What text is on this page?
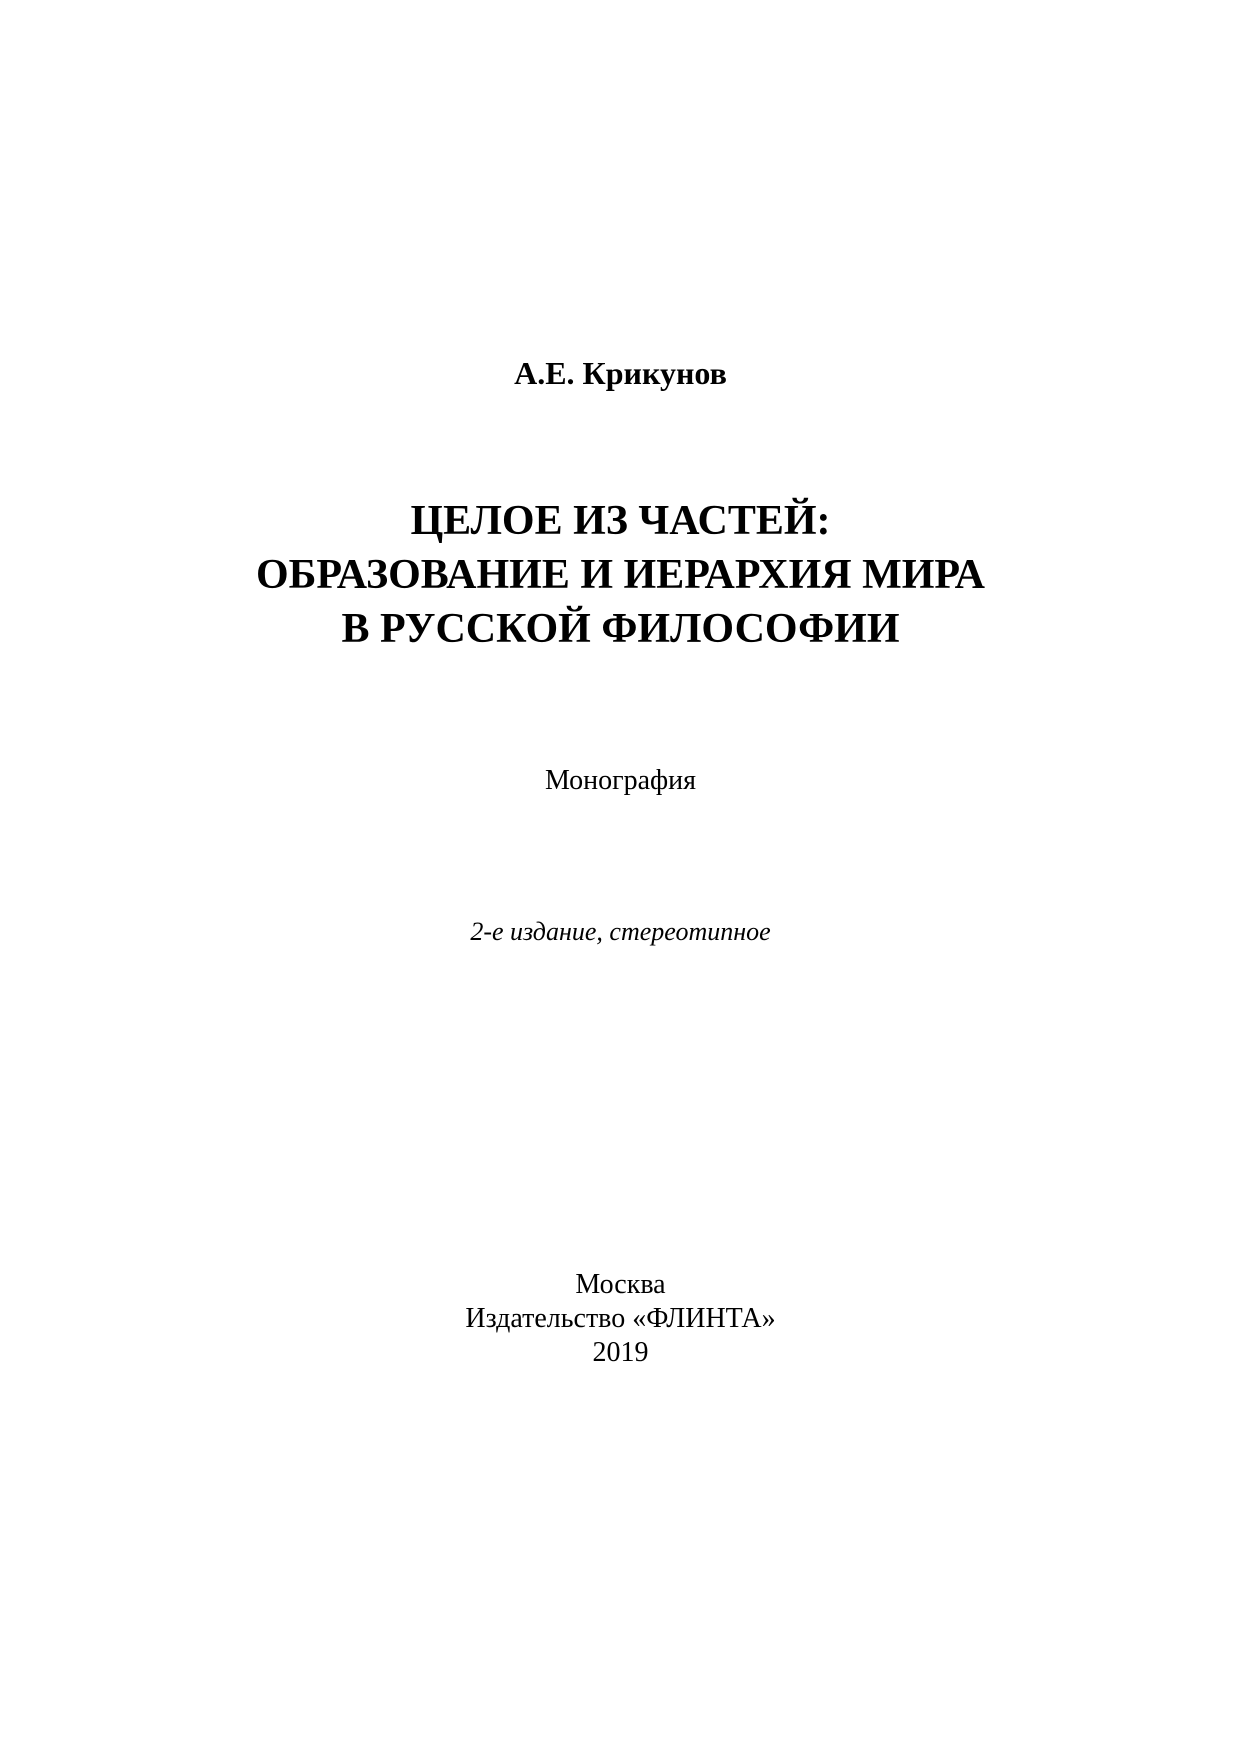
А.Е. Крикунов
ЦЕЛОЕ ИЗ ЧАСТЕЙ:
ОБРАЗОВАНИЕ И ИЕРАРХИЯ МИРА
В РУССКОЙ ФИЛОСОФИИ
Монография
2-е издание, стереотипное
Москва
Издательство «ФЛИНТА»
2019
